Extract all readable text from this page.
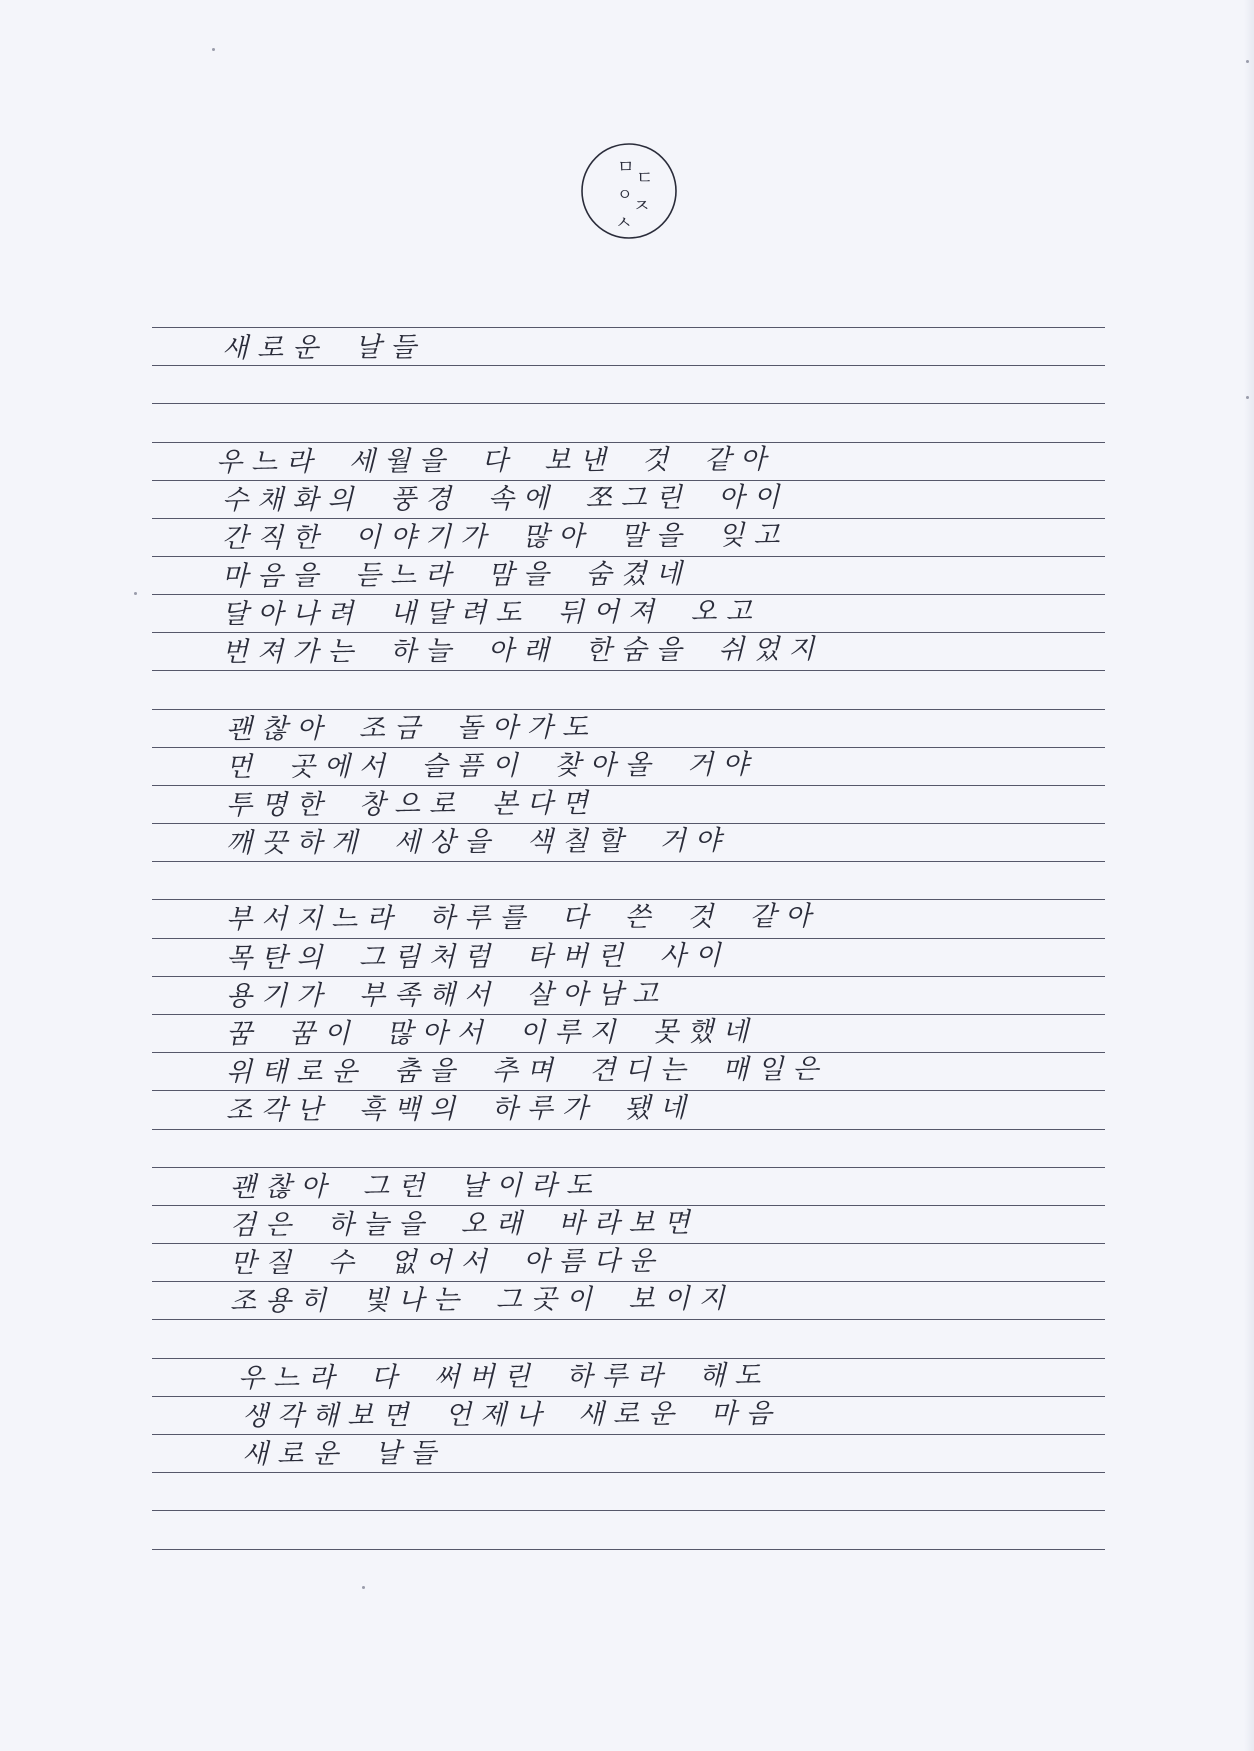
ㅁ
ㄷ
ㅇ
ㅈ
ㅅ
새로운 날들
우느라 세월을 다 보낸 것 같아
수채화의 풍경 속에 쪼그린 아이
간직한 이야기가 많아 말을 잊고
마음을 듣느라 맘을 숨겼네
달아나려 내달려도 뒤어져 오고
번져가는 하늘 아래 한숨을 쉬었지
괜찮아 조금 돌아가도
먼 곳에서 슬픔이 찾아올 거야
투명한 창으로 본다면
깨끗하게 세상을 색칠할 거야
부서지느라 하루를 다 쓴 것 같아
목탄의 그림처럼 타버린 사이
용기가 부족해서 살아남고
꿈 꿈이 많아서 이루지 못했네
위태로운 춤을 추며 견디는 매일은
조각난 흑백의 하루가 됐네
괜찮아 그런 날이라도
검은 하늘을 오래 바라보면
만질 수 없어서 아름다운
조용히 빛나는 그곳이 보이지
우느라 다 써버린 하루라 해도
생각해보면 언제나 새로운 마음
새로운 날들
